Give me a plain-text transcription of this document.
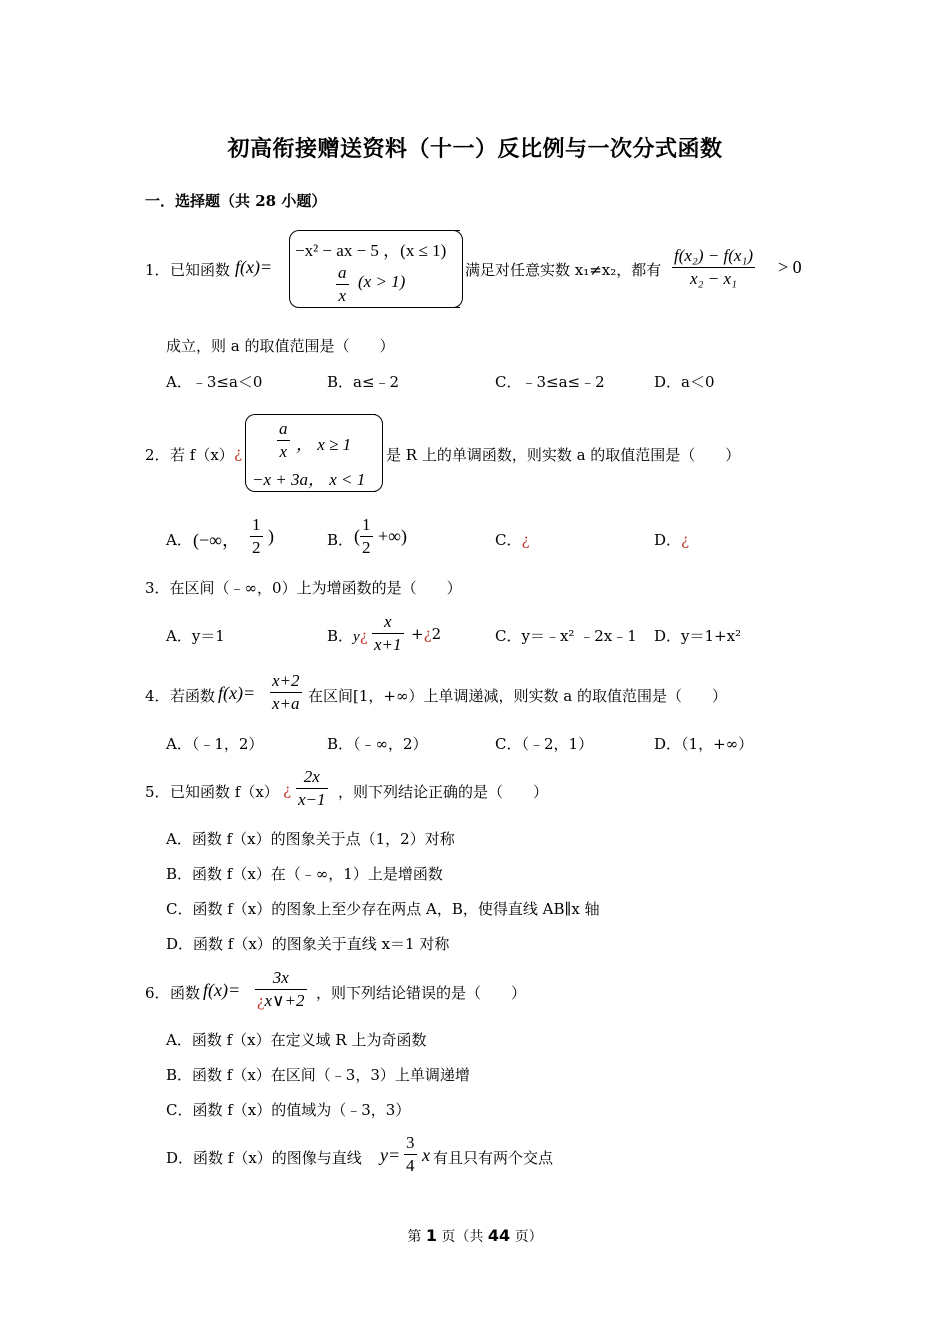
初高衔接赠送资料（十一）反比例与一次分式函数
一．选择题（共 28 小题）
1． 已知函数 f(x)=
−x² − ax − 5 ，(x ≤ 1)
$\frac{a}{x} (x > 1)$
满足对任意实数 x₁≠x₂，都有 $\frac{\text{f(x₂) − f(x₁)}}{\text{x₂ − x₁}} > 0$
成立，则 a 的取值范围是（　　）
A．﹣3≤a＜0	B．a≤﹣2	C．﹣3≤a≤﹣2	D．a＜0
2． 若 f（x） ¿ $\frac{a}{x}$ ， x ≥ 1
−x + 3a， x < 1
是 R 上的单调函数，则实数 a 的取值范围是（　　）
A． (−∞， $\frac{1}{2}$ )	B． ( $\frac{1}{2}$ +∞)	C．¿	D．¿
3．在区间（﹣∞，0）上为增函数的是（　　）
A．y＝1	B．y¿ $\frac{x}{x+1}$ +¿2	C．y＝﹣x² ﹣2x﹣1 D．y＝1+x²
4． 若函数 $f(x)= \frac{x+2}{x+a}$ 在区间[1，+∞）上单调递减，则实数 a 的取值范围是（　　）
A．（﹣1，2）	B．（﹣∞，2）	C．（﹣2，1）	D．（1，+∞）
5． 已知函数 f（x） ¿ $\frac{2x}{x-1}$ ，则下列结论正确的是（　　）
A．函数 f（x）的图象关于点（1，2）对称
B．函数 f（x）在（﹣∞，1）上是增函数
C．函数 f（x）的图象上至少存在两点 A，B，使得直线 AB∥x 轴
D．函数 f（x）的图象关于直线 x＝1 对称
6． 函数 $f(x)= \frac{3x}{¿x\vee+2}$ ，则下列结论错误的是（　　）
A．函数 f（x）在定义域 R 上为奇函数
B．函数 f（x）在区间（﹣3，3）上单调递增
C．函数 f（x）的值域为（﹣3，3）
D．函数 f（x）的图像与直线 $y= \frac{3}{4}$ x 有且只有两个交点
第 1 页（共 44 页）
